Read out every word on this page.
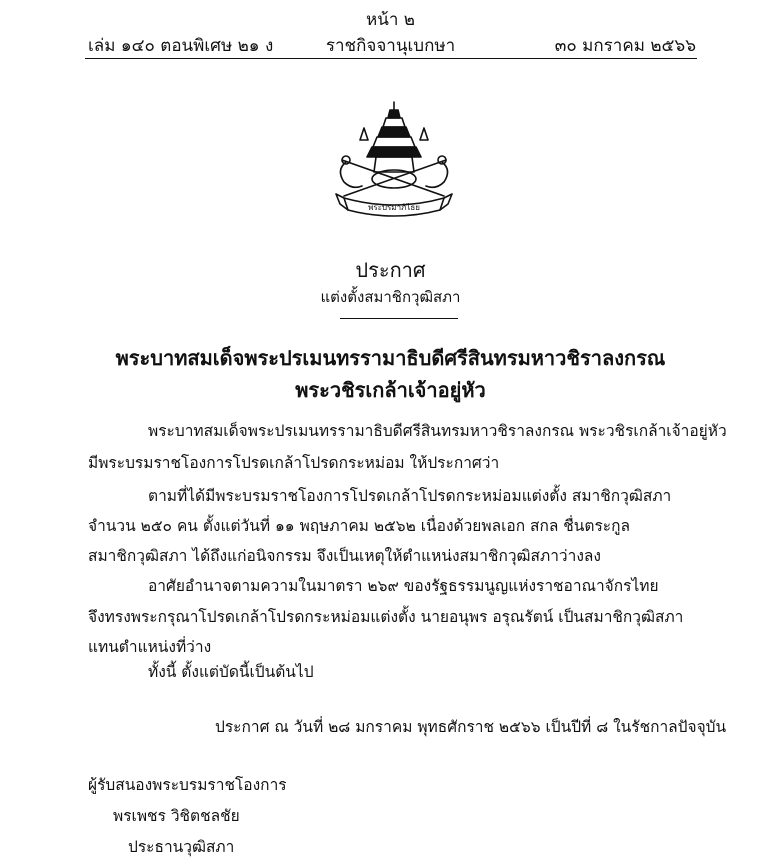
หน้า ๒
เล่ม ๑๔๐ ตอนพิเศษ ๒๑ ง	ราชกิจจานุเบกษา	๓๐ มกราคม ๒๕๖๖
พระปรมาภิไธย
ประกาศ
แต่งตั้งสมาชิกวุฒิสภา
พระบาทสมเด็จพระปรเมนทรรามาธิบดีศรีสินทรมหาวชิราลงกรณ
พระวชิรเกล้าเจ้าอยู่หัว
พระบาทสมเด็จพระปรเมนทรรามาธิบดีศรีสินทรมหาวชิราลงกรณ พระวชิรเกล้าเจ้าอยู่หัว
มีพระบรมราชโองการโปรดเกล้าโปรดกระหม่อม ให้ประกาศว่า
ตามที่ได้มีพระบรมราชโองการโปรดเกล้าโปรดกระหม่อมแต่งตั้ง สมาชิกวุฒิสภา
จำนวน ๒๕๐ คน ตั้งแต่วันที่ ๑๑ พฤษภาคม ๒๕๖๒ เนื่องด้วยพลเอก สกล ชื่นตระกูล
สมาชิกวุฒิสภา ได้ถึงแก่อนิจกรรม จึงเป็นเหตุให้ตำแหน่งสมาชิกวุฒิสภาว่างลง
อาศัยอำนาจตามความในมาตรา ๒๖๙ ของรัฐธรรมนูญแห่งราชอาณาจักรไทย
จึงทรงพระกรุณาโปรดเกล้าโปรดกระหม่อมแต่งตั้ง นายอนุพร อรุณรัตน์ เป็นสมาชิกวุฒิสภา
แทนตำแหน่งที่ว่าง
ทั้งนี้ ตั้งแต่บัดนี้เป็นต้นไป
ประกาศ ณ วันที่ ๒๘ มกราคม พุทธศักราช ๒๕๖๖ เป็นปีที่ ๘ ในรัชกาลปัจจุบัน
ผู้รับสนองพระบรมราชโองการ
พรเพชร วิชิตชลชัย
ประธานวุฒิสภา
